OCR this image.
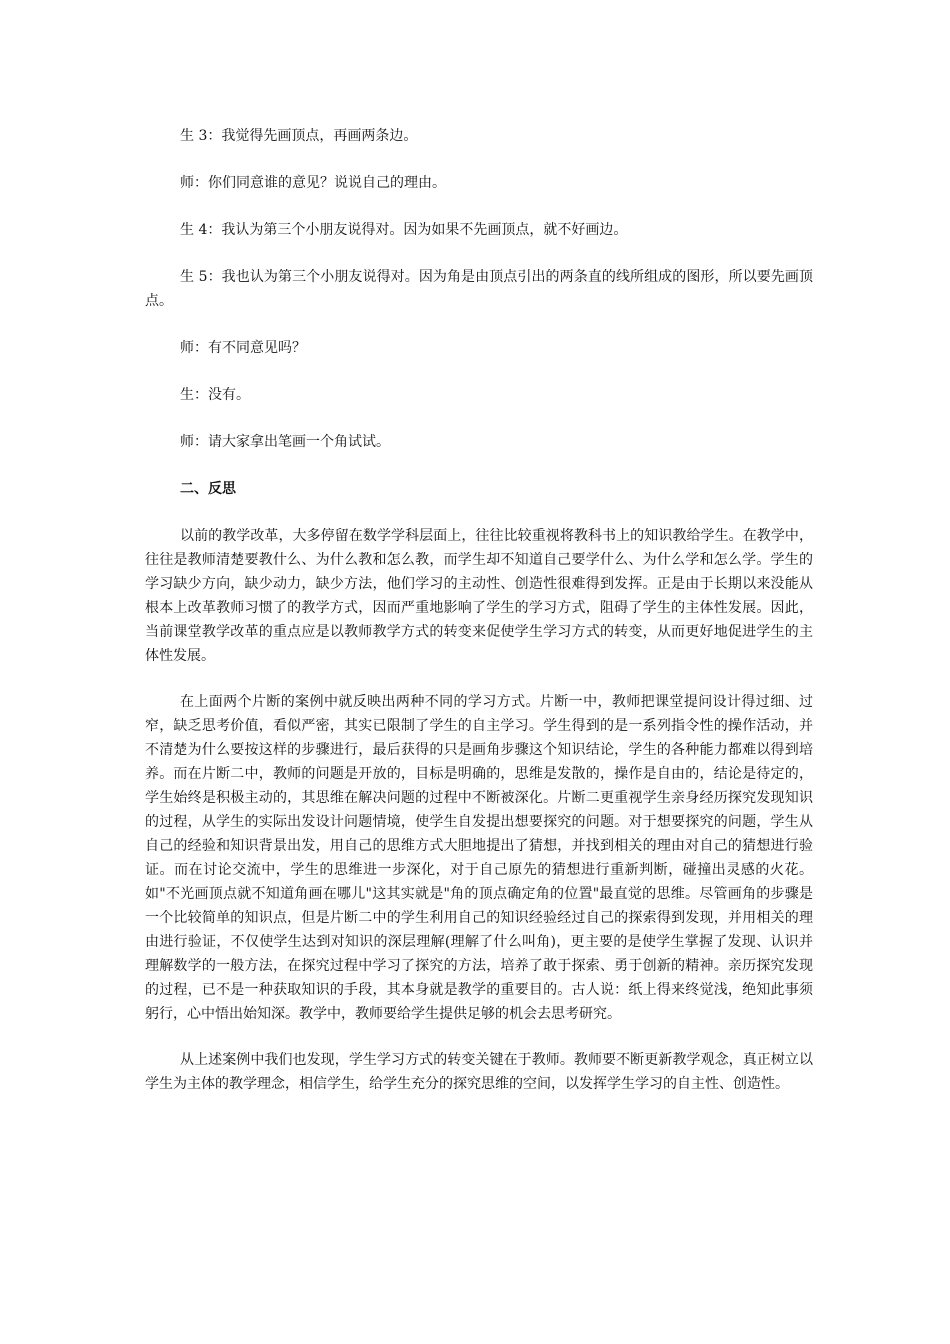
生 3：我觉得先画顶点，再画两条边。

师：你们同意谁的意见？说说自己的理由。

生 4：我认为第三个小朋友说得对。因为如果不先画顶点，就不好画边。

生 5：我也认为第三个小朋友说得对。因为角是由顶点引出的两条直的线所组成的图形，所以要先画顶点。

师：有不同意见吗？

生：没有。

师：请大家拿出笔画一个角试试。

二、反思

以前的教学改革，大多停留在数学学科层面上，往往比较重视将教科书上的知识教给学生。在教学中，往往是教师清楚要教什么、为什么教和怎么教，而学生却不知道自己要学什么、为什么学和怎么学。学生的学习缺少方向，缺少动力，缺少方法，他们学习的主动性、创造性很难得到发挥。正是由于长期以来没能从根本上改革教师习惯了的教学方式，因而严重地影响了学生的学习方式，阻碍了学生的主体性发展。因此，当前课堂教学改革的重点应是以教师教学方式的转变来促使学生学习方式的转变，从而更好地促进学生的主体性发展。

在上面两个片断的案例中就反映出两种不同的学习方式。片断一中，教师把课堂提问设计得过细、过窄，缺乏思考价值，看似严密，其实已限制了学生的自主学习。学生得到的是一系列指令性的操作活动，并不清楚为什么要按这样的步骤进行，最后获得的只是画角步骤这个知识结论，学生的各种能力都难以得到培养。而在片断二中，教师的问题是开放的，目标是明确的，思维是发散的，操作是自由的，结论是待定的，学生始终是积极主动的，其思维在解决问题的过程中不断被深化。片断二更重视学生亲身经历探究发现知识的过程，从学生的实际出发设计问题情境，使学生自发提出想要探究的问题。对于想要探究的问题，学生从自己的经验和知识背景出发，用自己的思维方式大胆地提出了猜想，并找到相关的理由对自己的猜想进行验证。而在讨论交流中，学生的思维进一步深化，对于自己原先的猜想进行重新判断，碰撞出灵感的火花。如"不光画顶点就不知道角画在哪儿"这其实就是"角的顶点确定角的位置"最直觉的思维。尽管画角的步骤是一个比较简单的知识点，但是片断二中的学生利用自己的知识经验经过自己的探索得到发现，并用相关的理由进行验证，不仅使学生达到对知识的深层理解(理解了什么叫角)，更主要的是使学生掌握了发现、认识并理解数学的一般方法，在探究过程中学习了探究的方法，培养了敢于探索、勇于创新的精神。亲历探究发现的过程，已不是一种获取知识的手段，其本身就是教学的重要目的。古人说：纸上得来终觉浅，绝知此事须躬行，心中悟出始知深。教学中，教师要给学生提供足够的机会去思考研究。

从上述案例中我们也发现，学生学习方式的转变关键在于教师。教师要不断更新教学观念，真正树立以学生为主体的教学理念，相信学生，给学生充分的探究思维的空间，以发挥学生学习的自主性、创造性。
